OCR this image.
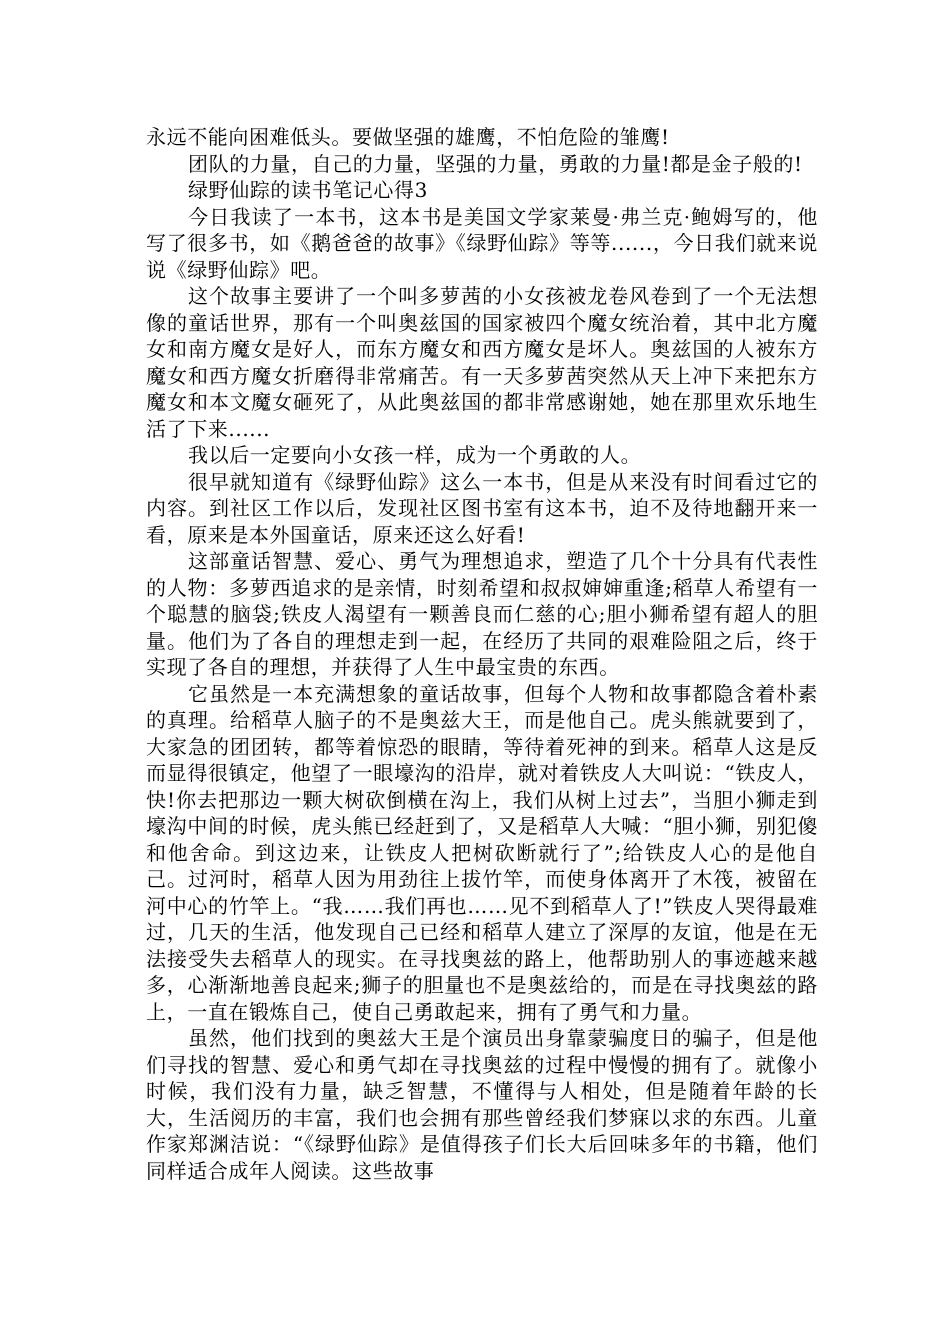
永远不能向困难低头。要做坚强的雄鹰，不怕危险的雏鹰!

团队的力量，自己的力量，坚强的力量，勇敢的力量!都是金子般的!

绿野仙踪的读书笔记心得3

今日我读了一本书，这本书是美国文学家莱曼·弗兰克·鲍姆写的，他写了很多书，如《鹅爸爸的故事》《绿野仙踪》等等......，今日我们就来说说《绿野仙踪》吧。

这个故事主要讲了一个叫多萝茜的小女孩被龙卷风卷到了一个无法想像的童话世界，那有一个叫奥兹国的国家被四个魔女统治着，其中北方魔女和南方魔女是好人，而东方魔女和西方魔女是坏人。奥兹国的人被东方魔女和西方魔女折磨得非常痛苦。有一天多萝茜突然从天上冲下来把东方魔女和本文魔女砸死了，从此奥兹国的都非常感谢她，她在那里欢乐地生活了下来......

我以后一定要向小女孩一样，成为一个勇敢的人。

很早就知道有《绿野仙踪》这么一本书，但是从来没有时间看过它的内容。到社区工作以后，发现社区图书室有这本书，迫不及待地翻开来一看，原来是本外国童话，原来还这么好看!

这部童话智慧、爱心、勇气为理想追求，塑造了几个十分具有代表性的人物：多萝西追求的是亲情，时刻希望和叔叔婶婶重逢;稻草人希望有一个聪慧的脑袋;铁皮人渴望有一颗善良而仁慈的心;胆小狮希望有超人的胆量。他们为了各自的理想走到一起，在经历了共同的艰难险阻之后，终于实现了各自的理想，并获得了人生中最宝贵的东西。

它虽然是一本充满想象的童话故事，但每个人物和故事都隐含着朴素的真理。给稻草人脑子的不是奥兹大王，而是他自己。虎头熊就要到了，大家急的团团转，都等着惊恐的眼睛，等待着死神的到来。稻草人这是反而显得很镇定，他望了一眼壕沟的沿岸，就对着铁皮人大叫说：“铁皮人，快!你去把那边一颗大树砍倒横在沟上，我们从树上过去”，当胆小狮走到壕沟中间的时候，虎头熊已经赶到了，又是稻草人大喊：“胆小狮，别犯傻和他舍命。到这边来，让铁皮人把树砍断就行了”;给铁皮人心的是他自己。过河时，稻草人因为用劲往上拔竹竿，而使身体离开了木筏，被留在河中心的竹竿上。“我……我们再也……见不到稻草人了!”铁皮人哭得最难过，几天的生活，他发现自己已经和稻草人建立了深厚的友谊，他是在无法接受失去稻草人的现实。在寻找奥兹的路上，他帮助别人的事迹越来越多，心渐渐地善良起来;狮子的胆量也不是奥兹给的，而是在寻找奥兹的路上，一直在锻炼自己，使自己勇敢起来，拥有了勇气和力量。

虽然，他们找到的奥兹大王是个演员出身靠蒙骗度日的骗子，但是他们寻找的智慧、爱心和勇气却在寻找奥兹的过程中慢慢的拥有了。就像小时候，我们没有力量，缺乏智慧，不懂得与人相处，但是随着年龄的长大，生活阅历的丰富，我们也会拥有那些曾经我们梦寐以求的东西。儿童作家郑渊洁说：“《绿野仙踪》是值得孩子们长大后回味多年的书籍，他们同样适合成年人阅读。这些故事
